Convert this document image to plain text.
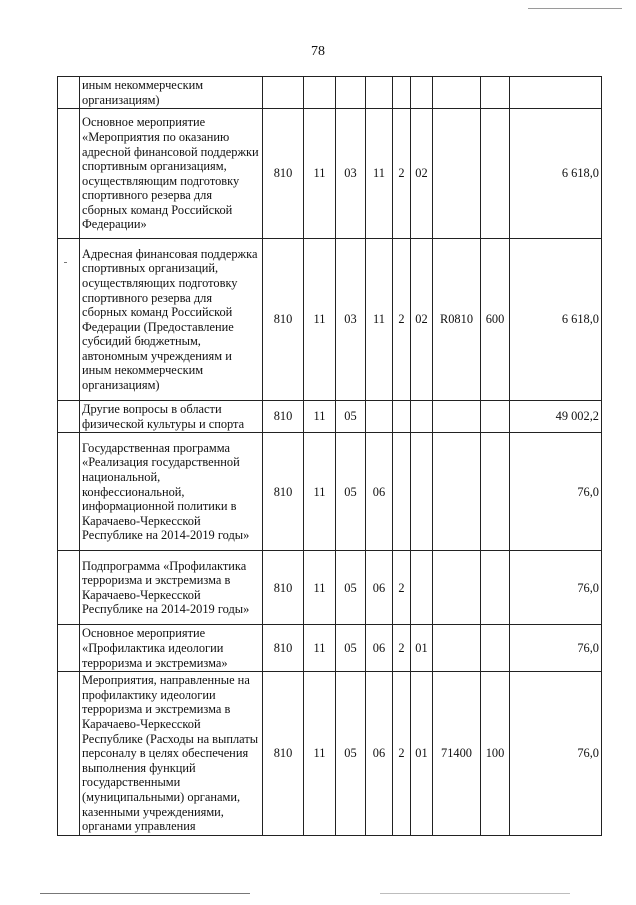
78
	иным некоммерческим организациям)									
	Основное мероприятие «Мероприятия по оказанию адресной финансовой поддержки спортивным организациям, осуществляющим подготовку спортивного резерва для сборных команд Российской Федерации»	810	11	03	11	2	02			6 618,0
	Адресная финансовая поддержка спортивных организаций, осуществляющих подготовку спортивного резерва для сборных команд Российской Федерации (Предоставление субсидий бюджетным, автономным учреждениям и иным некоммерческим организациям)	810	11	03	11	2	02	R0810	600	6 618,0
	Другие вопросы в области физической культуры и спорта	810	11	05						49 002,2
	Государственная программа «Реализация государственной национальной, конфессиональной, информационной политики в Карачаево-Черкесской Республике на 2014-2019 годы»	810	11	05	06					76,0
	Подпрограмма «Профилактика терроризма и экстремизма в Карачаево-Черкесской Республике на 2014-2019 годы»	810	11	05	06	2				76,0
	Основное мероприятие «Профилактика идеологии терроризма и экстремизма»	810	11	05	06	2	01			76,0
	Мероприятия, направленные на профилактику идеологии терроризма и экстремизма в Карачаево-Черкесской Республике (Расходы на выплаты персоналу в целях обеспечения выполнения функций государственными (муниципальными) органами, казенными учреждениями, органами управления	810	11	05	06	2	01	71400	100	76,0
